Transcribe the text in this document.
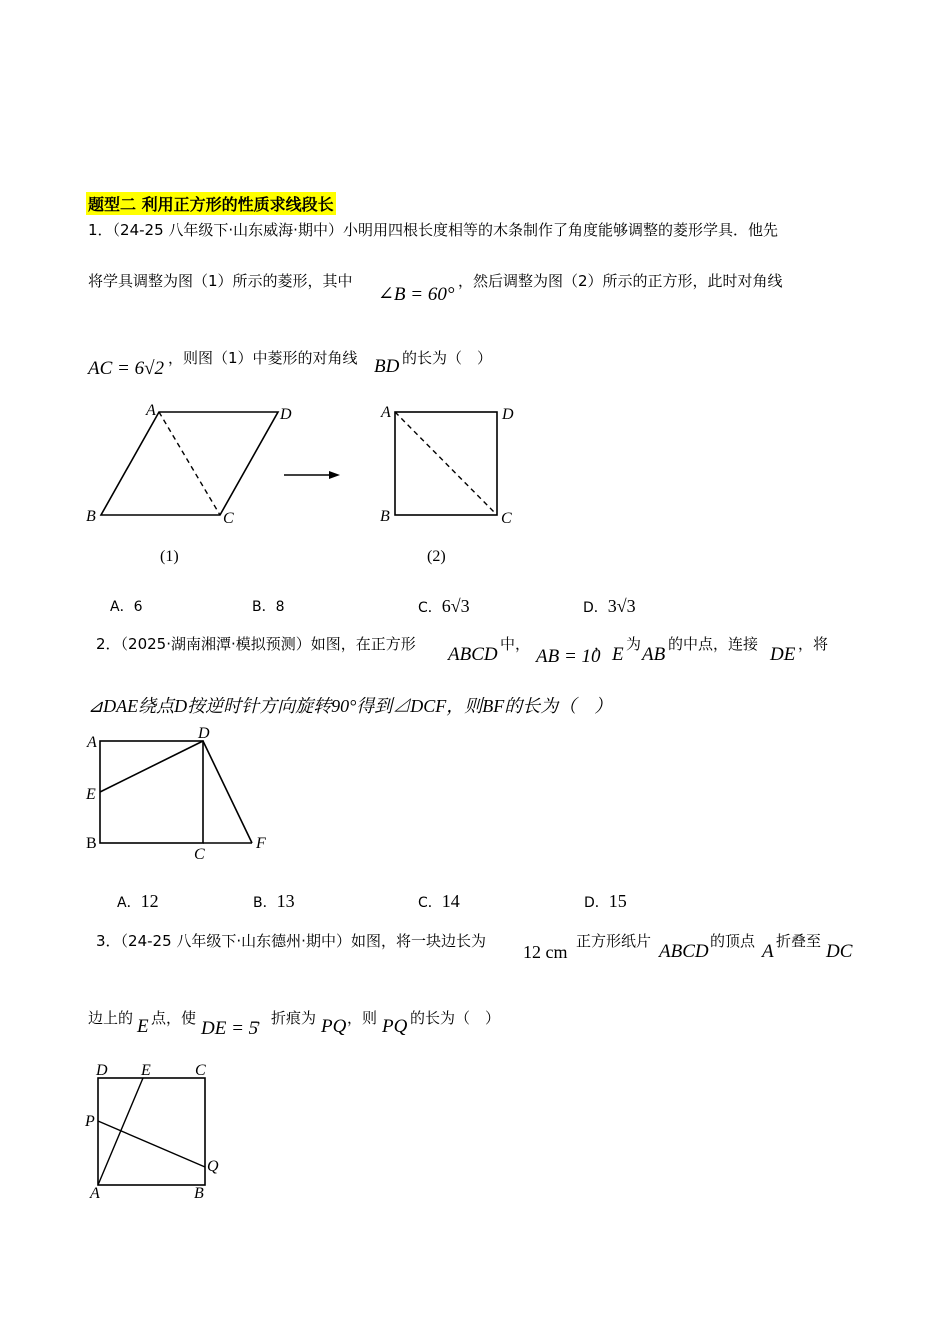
题型二 利用正方形的性质求线段长
1．（24-25 八年级下·山东威海·期中）小明用四根长度相等的木条制作了角度能够调整的菱形学具．他先
将学具调整为图（1）所示的菱形，其中
∠B = 60°
，然后调整为图（2）所示的正方形，此时对角线
AC = 6√2 ，则图（1）中菱形的对角线 BD 的长为（　）
A	D
B	C
(1)
A	D
B	C
(2)
A．6	B．8	C．6√3	D．3√3
2．（2025·湖南湘潭·模拟预测）如图，在正方形 ABCD 中，
AB = 10
， E 为 AB 的中点，连接 DE ，将
⊿DAE绕点D按逆时针方向旋转90°得到⊿DCF，则BF的长为（　）
A
D
E
B
C
F
A．12	B．13	C．14	D．15
3．（24-25 八年级下·山东德州·期中）如图，将一块边长为
12 cm
正方形纸片 ABCD 的顶点 A 折叠至 DC
边上的 E 点，使 DE = 5
，折痕为 PQ ，则 PQ 的长为（　）
D E	C
P
Q
A	B
